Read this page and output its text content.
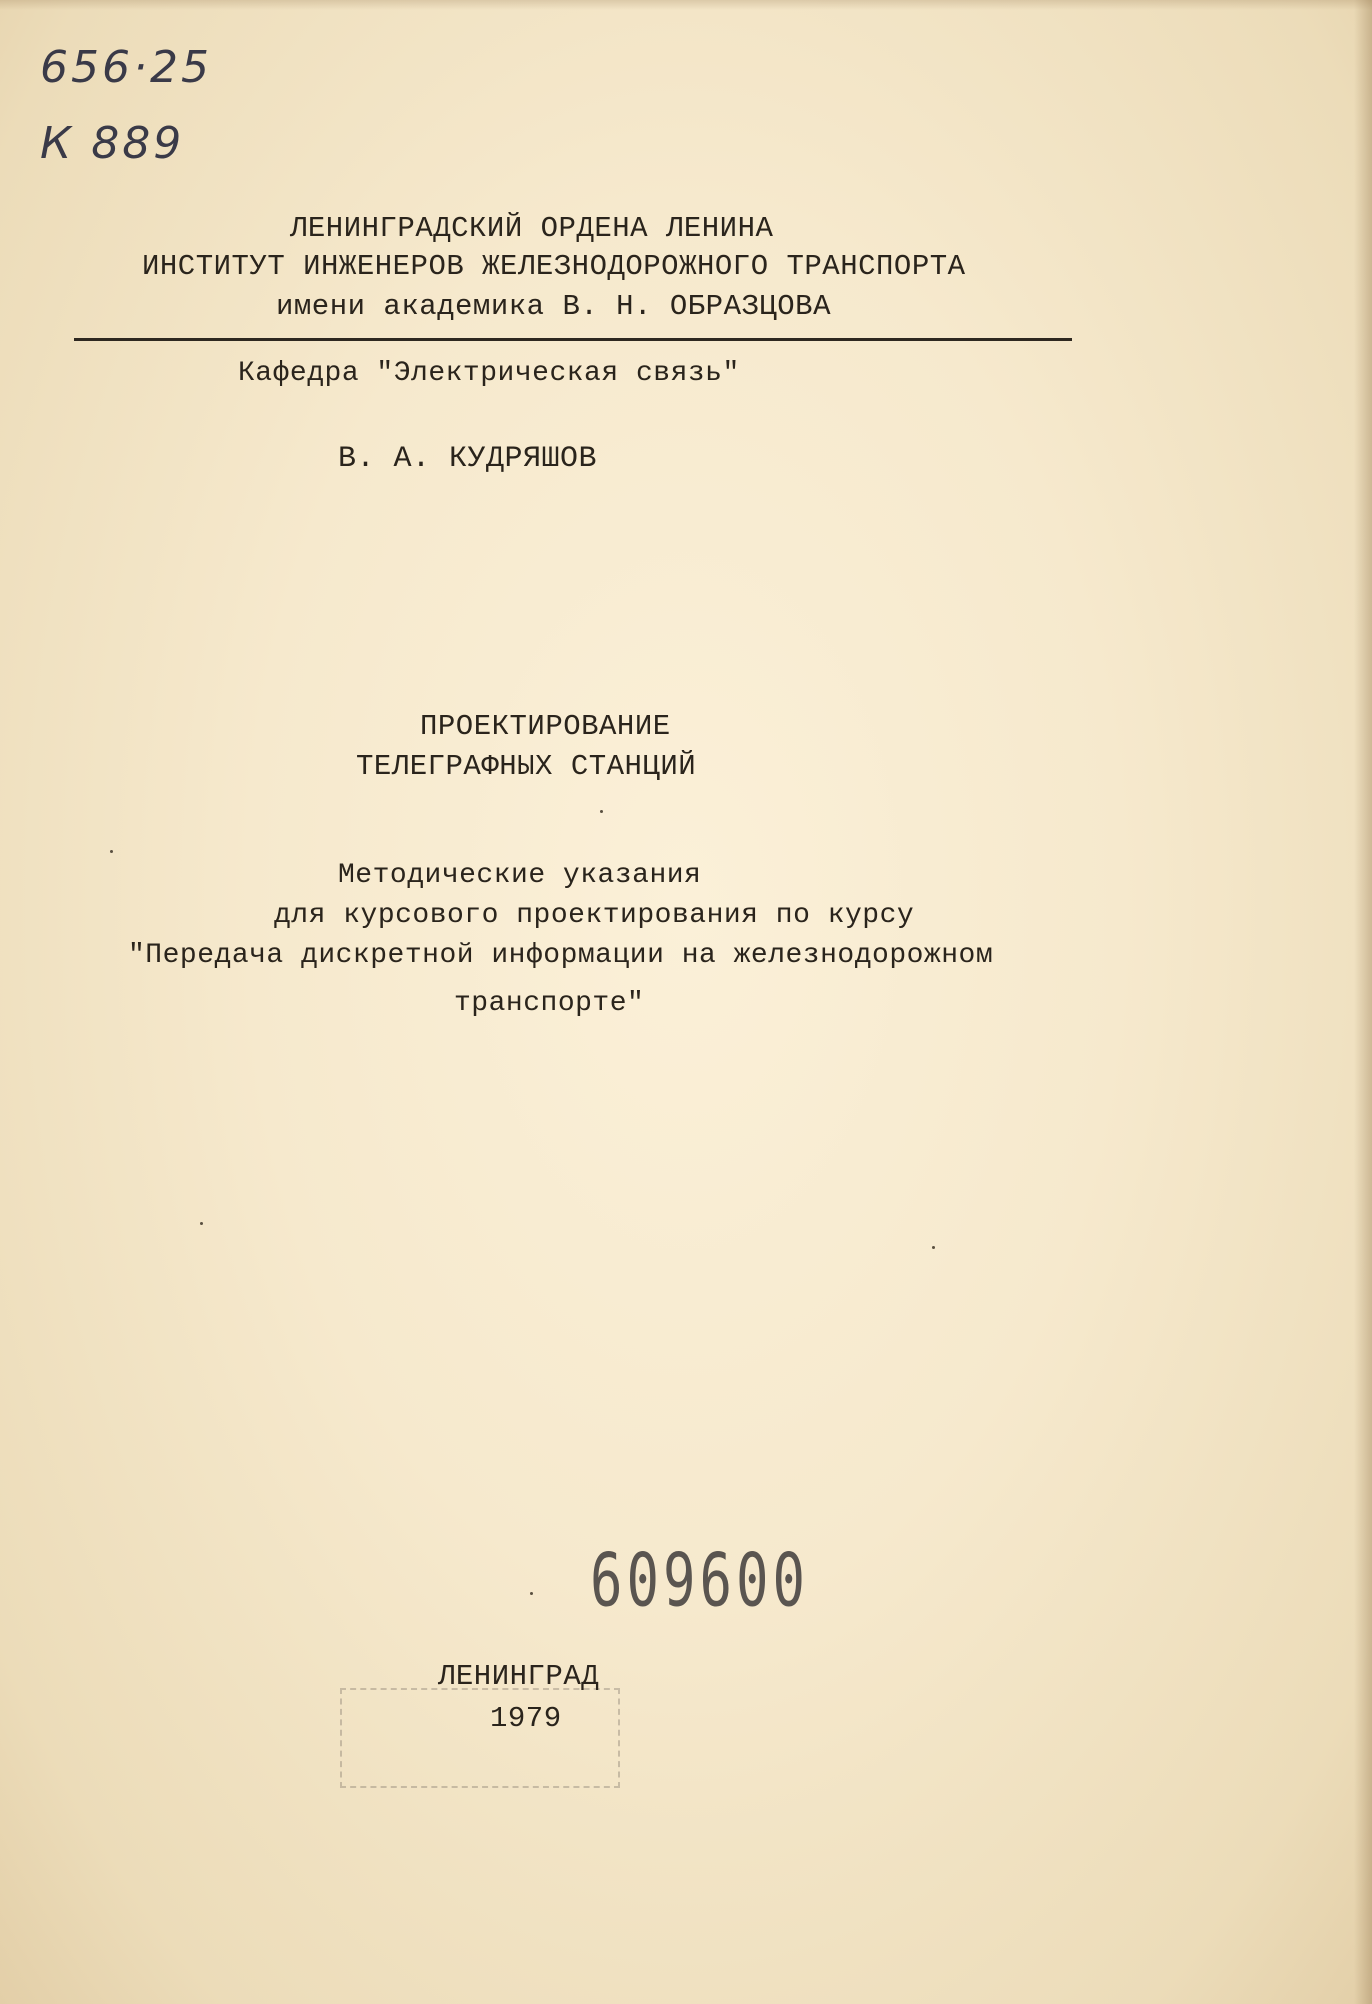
656·25
К 889
ЛЕНИНГРАДСКИЙ ОРДЕНА ЛЕНИНА
ИНСТИТУТ ИНЖЕНЕРОВ ЖЕЛЕЗНОДОРОЖНОГО ТРАНСПОРТА
имени академика В. Н. ОБРАЗЦОВА
Кафедра "Электрическая связь"
В. А. КУДРЯШОВ
ПРОЕКТИРОВАНИЕ
ТЕЛЕГРАФНЫХ СТАНЦИЙ
Методические указания
для курсового проектирования по курсу
"Передача дискретной информации на железнодорожном
транспорте"
609600
ЛЕНИНГРАД
1979
